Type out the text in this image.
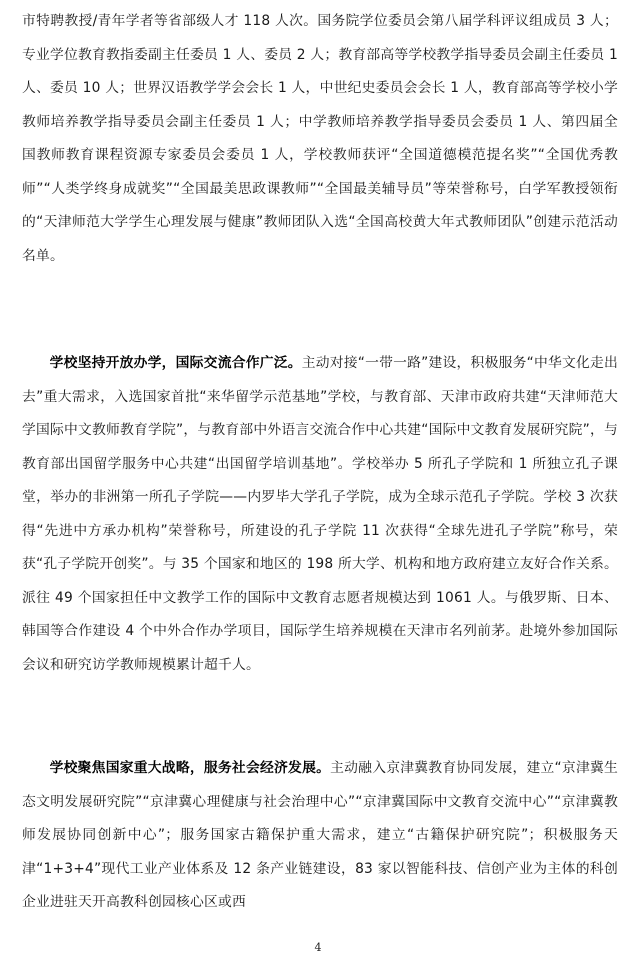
市特聘教授/青年学者等省部级人才 118 人次。国务院学位委员会第八届学科评议组成员 3 人；专业学位教育教指委副主任委员 1 人、委员 2 人；教育部高等学校教学指导委员会副主任委员 1 人、委员 10 人；世界汉语教学学会会长 1 人，中世纪史委员会会长 1 人，教育部高等学校小学教师培养教学指导委员会副主任委员 1 人；中学教师培养教学指导委员会委员 1 人、第四届全国教师教育课程资源专家委员会委员 1 人，学校教师获评“全国道德模范提名奖”“全国优秀教师”“人类学终身成就奖”“全国最美思政课教师”“全国最美辅导员”等荣誉称号，白学军教授领衔的“天津师范大学学生心理发展与健康”教师团队入选“全国高校黄大年式教师团队”创建示范活动名单。

学校坚持开放办学，国际交流合作广泛。主动对接“一带一路”建设，积极服务“中华文化走出去”重大需求，入选国家首批“来华留学示范基地”学校，与教育部、天津市政府共建“天津师范大学国际中文教师教育学院”，与教育部中外语言交流合作中心共建“国际中文教育发展研究院”，与教育部出国留学服务中心共建“出国留学培训基地”。学校举办 5 所孔子学院和 1 所独立孔子课堂，举办的非洲第一所孔子学院——内罗毕大学孔子学院，成为全球示范孔子学院。学校 3 次获得“先进中方承办机构”荣誉称号，所建设的孔子学院 11 次获得“全球先进孔子学院”称号，荣获“孔子学院开创奖”。与 35 个国家和地区的 198 所大学、机构和地方政府建立友好合作关系。派往 49 个国家担任中文教学工作的国际中文教育志愿者规模达到 1061 人。与俄罗斯、日本、韩国等合作建设 4 个中外合作办学项目，国际学生培养规模在天津市名列前茅。赴境外参加国际会议和研究访学教师规模累计超千人。

学校聚焦国家重大战略，服务社会经济发展。主动融入京津冀教育协同发展，建立“京津冀生态文明发展研究院”“京津冀心理健康与社会治理中心”“京津冀国际中文教育交流中心”“京津冀教师发展协同创新中心”；服务国家古籍保护重大需求，建立“古籍保护研究院”；积极服务天津“1+3+4”现代工业产业体系及 12 条产业链建设，83 家以智能科技、信创产业为主体的科创企业进驻天开高教科创园核心区或西

4
